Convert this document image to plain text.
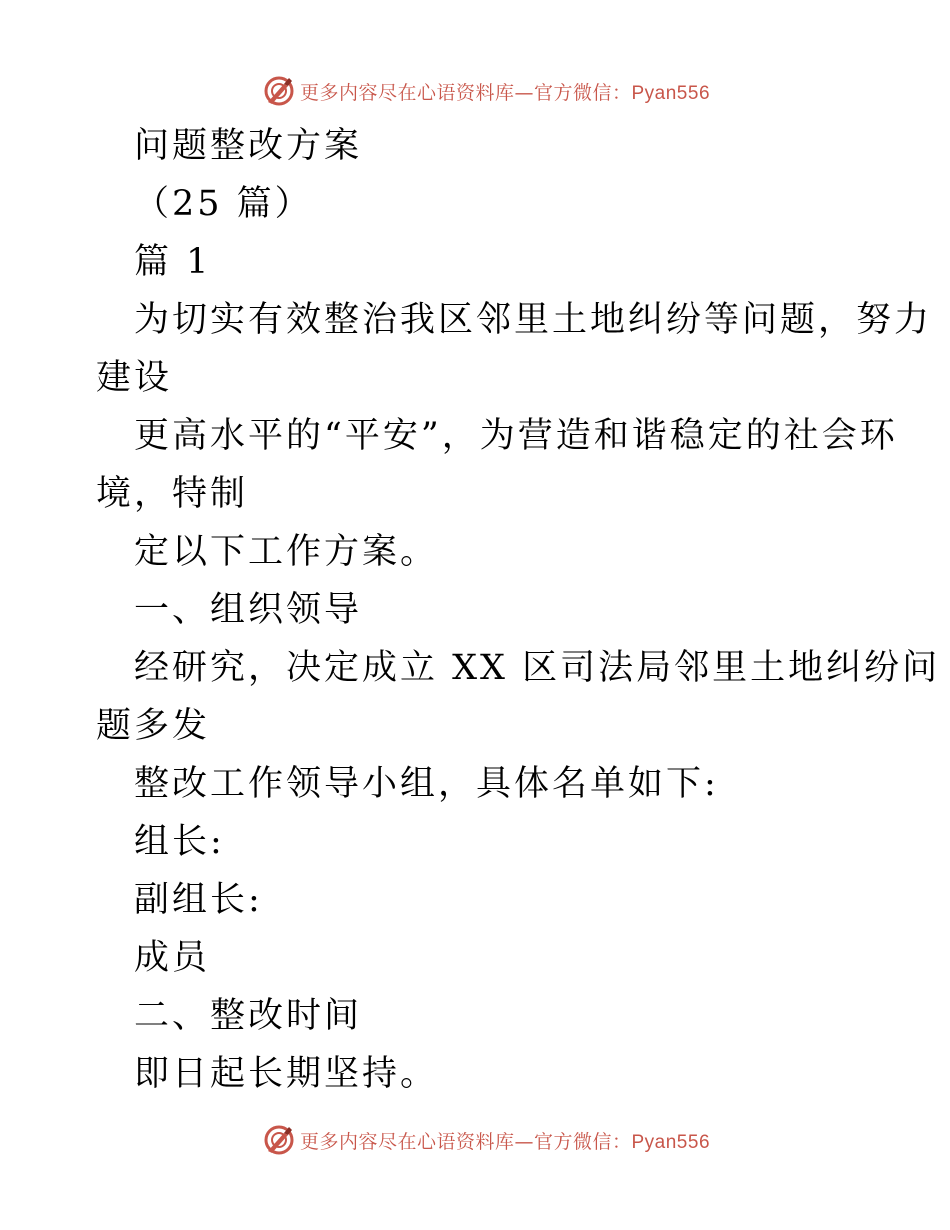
更多内容尽在心语资料库—官方微信：Pyan556
问题整改方案
（25 篇）
篇 1
为切实有效整治我区邻里土地纠纷等问题，努力
建设
更高水平的“平安”，为营造和谐稳定的社会环
境，特制
定以下工作方案。
一、组织领导
经研究，决定成立 XX 区司法局邻里土地纠纷问
题多发
整改工作领导小组，具体名单如下:
组长:
副组长:
成员
二、整改时间
即日起长期坚持。
更多内容尽在心语资料库—官方微信：Pyan556
